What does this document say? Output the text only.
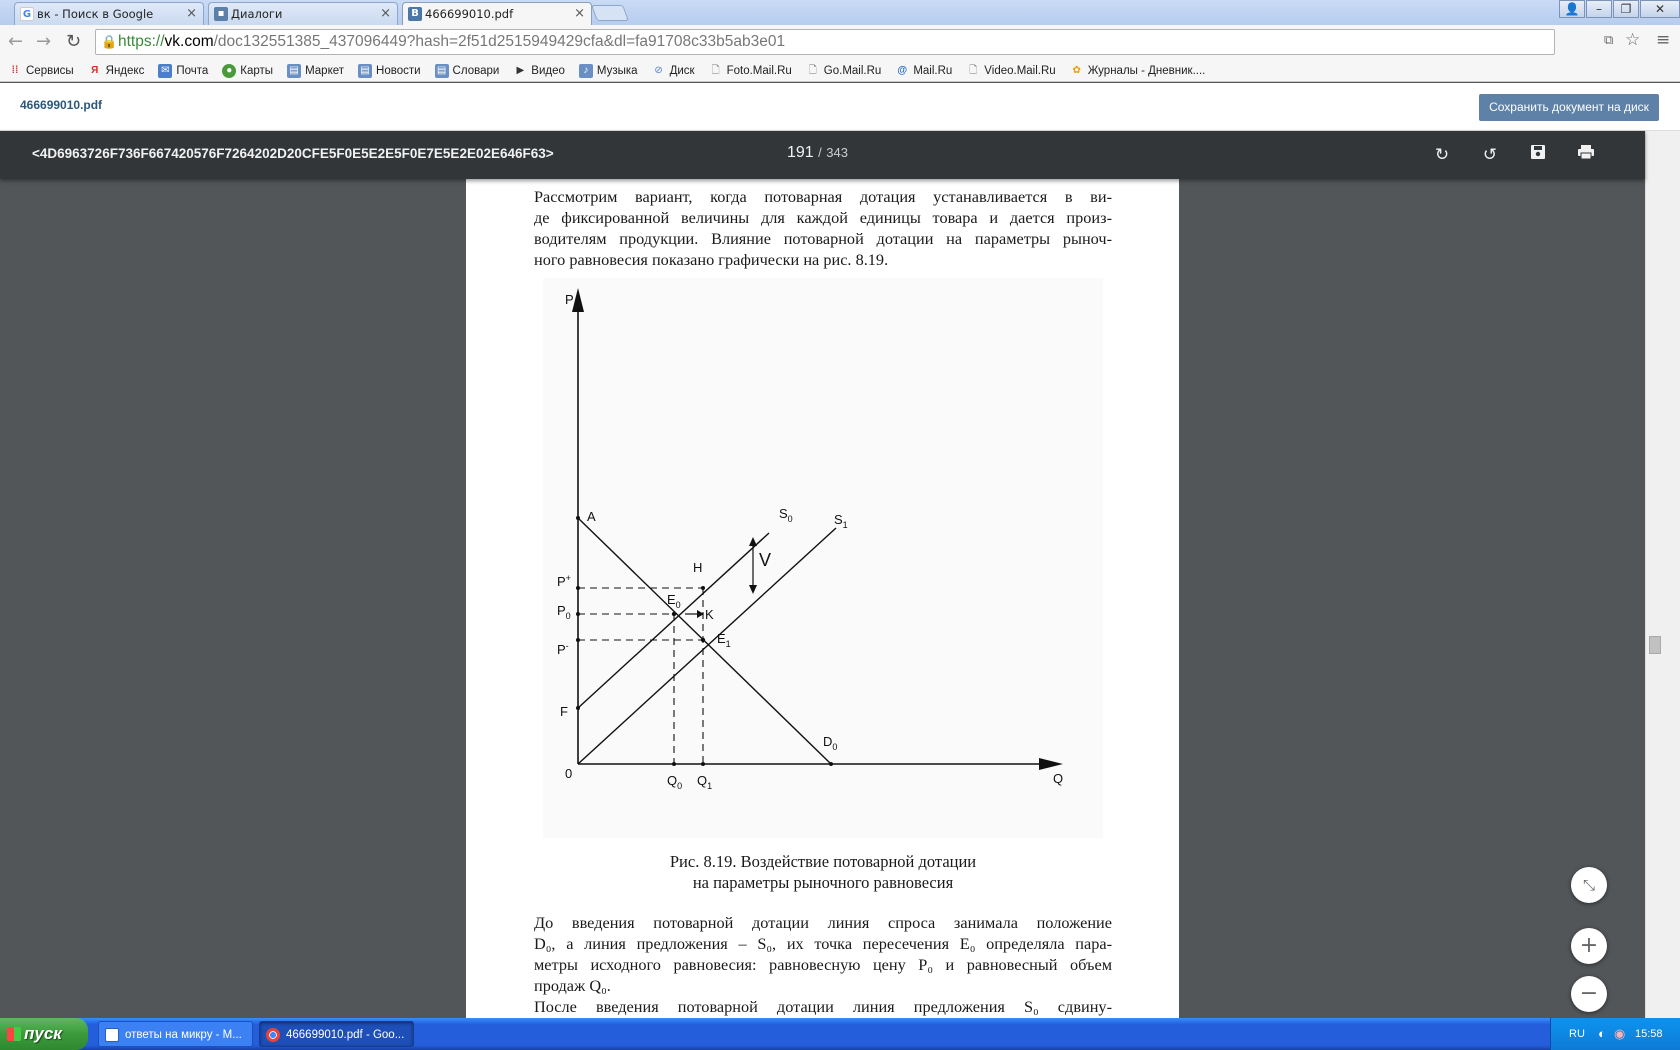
G вк - Поиск в Google	×	▪ Диалоги	×	B 466699010.pdf	×	👤	–	❐	✕
← → ↻ 🔒 https://vk.com/doc132551385_437096449?hash=2f51d2515949429cfa&dl=fa91708c33b5ab3e01	⧉ ☆ ≡
⁞⁞ Сервисы	Я Яндекс ✉ Почта	● Карты ▤ Маркет ▤ Новости ▤ Словари	▶ Видео	♪ Музыка ⊘ Диск 🗋 Foto.Mail.Ru 🗋 Go.Mail.Ru @ Mail.Ru 🗋 Video.Mail.Ru ✿ Журналы - Дневник....
466699010.pdf	Сохранить документ на диск
<4D6963726F736F667420576F7264202D20CFE5F0E5E2E5F0E7E5E2E02E646F63>	191 / 343	↻ ↺
Рассмотрим вариант, когда потоварная дотация устанавливается в ви-
де фиксированной величины для каждой единицы товара и дается произ-
водителям продукции. Влияние потоварной дотации на параметры рыноч-
ного равновесия показано графически на рис. 8.19.
P
Q
0
A
F
H
K
V
$E_0$
$E_1$
$S_0$	$S_1$
$D_0$
P+
$P_0$
P-
$Q_0$ $Q_1$
Рис. 8.19. Воздействие потоварной дотации
на параметры рыночного равновесия
До введения потоварной дотации линия спроса занимала положение
D₀, а линия предложения – S₀, их точка пересечения E₀ определяла пара-
метры исходного равновесия: равновесную цену P₀ и равновесный объем
продаж Q₀.
После введения потоварной дотации линия предложения S₀ сдвину-
⤡
+
−
пуск	ответы на микру - М...	466699010.pdf - Goo...	RU ◐ ◉ 15:58
